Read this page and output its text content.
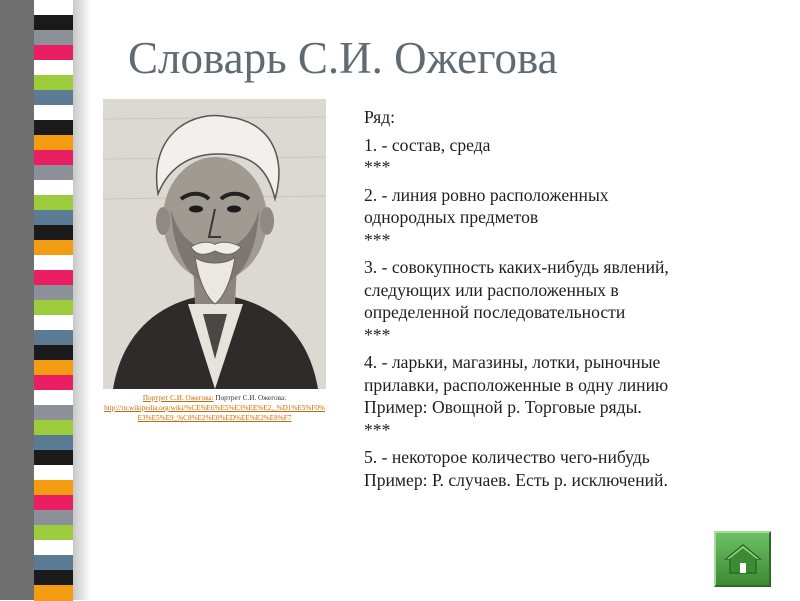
Словарь С.И. Ожегова
Портрет С.И. Ожегова: Портрет С.И. Ожегова:
http://ru.wikipedia.org/wiki/%CE%E6%E5%E3%EE%E2,_%D1%E5%F0%E3%E5%E9_%C8%E2%E0%ED%EE%E2%E8%F7
Ряд:
1. - состав, среда
***
2. - линия ровно расположенных
однородных предметов
***
3. - совокупность каких-нибудь явлений,
следующих или расположенных в
определенной последовательности
***
4. - ларьки, магазины, лотки, рыночные
прилавки, расположенные в одну линию
Пример: Овощной р. Торговые ряды.
***
5. - некоторое количество чего-нибудь
Пример: Р. случаев. Есть р. исключений.
